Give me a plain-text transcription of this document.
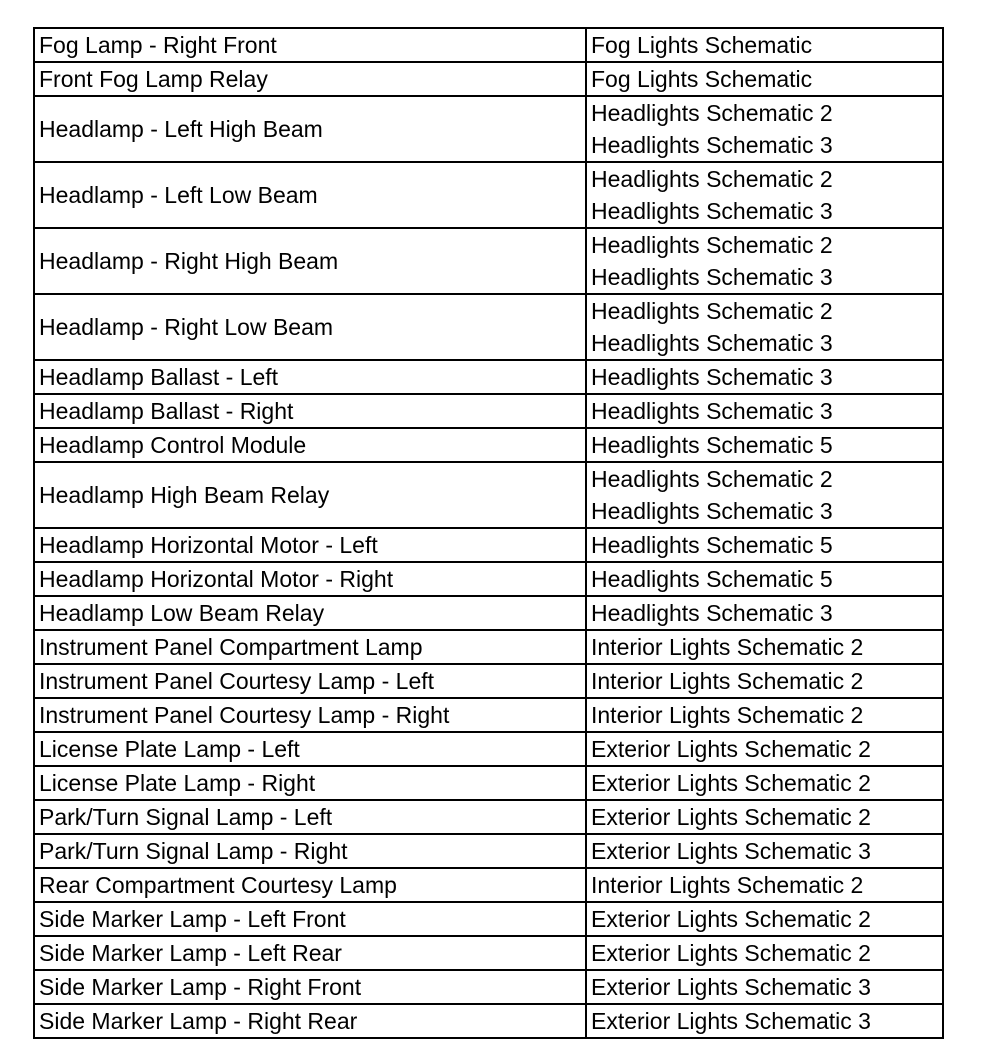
Fog Lamp - Right Front	Fog Lights Schematic

Front Fog Lamp Relay	Fog Lights Schematic

Headlamp - Left High Beam	Headlights Schematic 2
Headlights Schematic 3

Headlamp - Left Low Beam	Headlights Schematic 2
Headlights Schematic 3

Headlamp - Right High Beam	Headlights Schematic 2
Headlights Schematic 3

Headlamp - Right Low Beam	Headlights Schematic 2
Headlights Schematic 3

Headlamp Ballast - Left	Headlights Schematic 3

Headlamp Ballast - Right	Headlights Schematic 3

Headlamp Control Module	Headlights Schematic 5

Headlamp High Beam Relay	Headlights Schematic 2
Headlights Schematic 3

Headlamp Horizontal Motor - Left	Headlights Schematic 5

Headlamp Horizontal Motor - Right	Headlights Schematic 5

Headlamp Low Beam Relay	Headlights Schematic 3

Instrument Panel Compartment Lamp	Interior Lights Schematic 2

Instrument Panel Courtesy Lamp - Left	Interior Lights Schematic 2

Instrument Panel Courtesy Lamp - Right	Interior Lights Schematic 2

License Plate Lamp - Left	Exterior Lights Schematic 2

License Plate Lamp - Right	Exterior Lights Schematic 2

Park/Turn Signal Lamp - Left	Exterior Lights Schematic 2

Park/Turn Signal Lamp - Right	Exterior Lights Schematic 3

Rear Compartment Courtesy Lamp	Interior Lights Schematic 2

Side Marker Lamp - Left Front	Exterior Lights Schematic 2

Side Marker Lamp - Left Rear	Exterior Lights Schematic 2

Side Marker Lamp - Right Front	Exterior Lights Schematic 3

Side Marker Lamp - Right Rear	Exterior Lights Schematic 3
